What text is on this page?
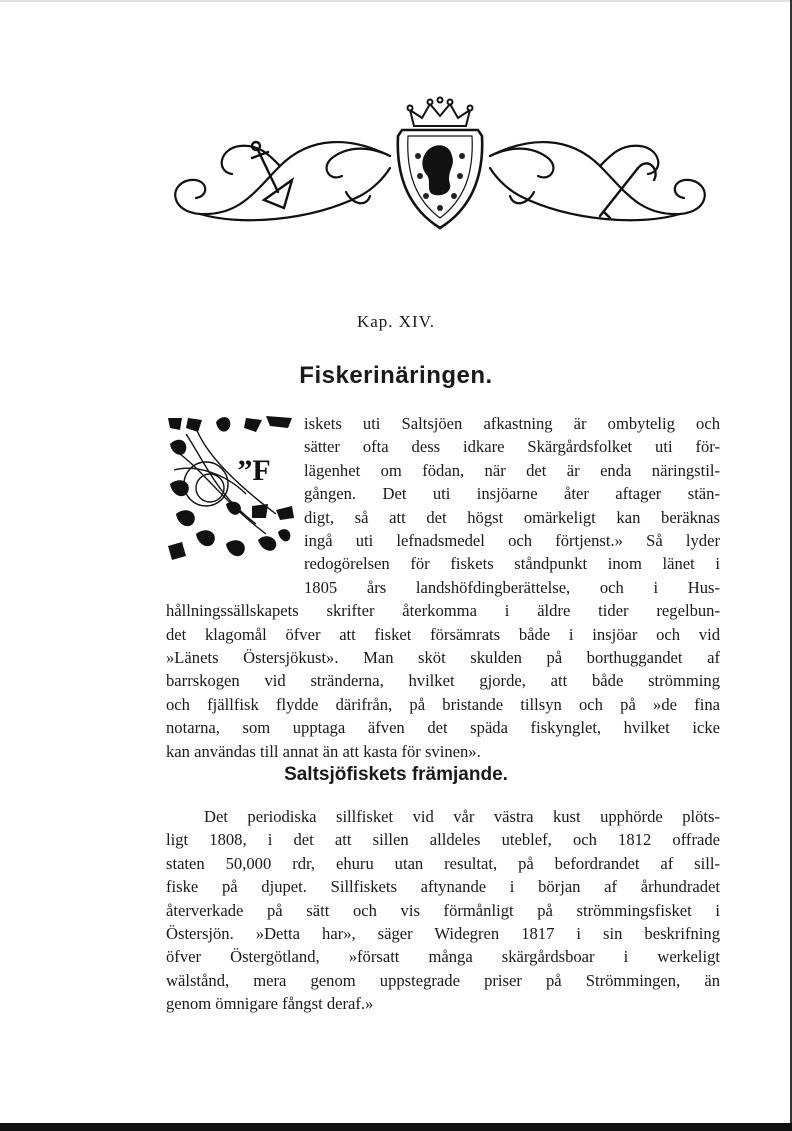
Kap. XIV.
Fiskerinäringen.
”F
iskets uti Saltsjöen afkastning är ombytelig och
sätter ofta dess idkare Skärgårdsfolket uti för-
lägenhet om födan, när det är enda näringstil-
gången. Det uti insjöarne åter aftager stän-
digt, så att det högst omärkeligt kan beräknas
ingå uti lefnadsmedel och förtjenst.» Så lyder
redogörelsen för fiskets ståndpunkt inom länet i
1805 års landshöfdingberättelse, och i Hus-
hållningssällskapets skrifter återkomma i äldre tider regelbun-
det klagomål öfver att fisket försämrats både i insjöar och vid
»Länets Östersjökust». Man sköt skulden på borthuggandet af
barrskogen vid stränderna, hvilket gjorde, att både strömming
och fjällfisk flydde därifrån, på bristande tillsyn och på »de fina
notarna, som upptaga äfven det späda fiskynglet, hvilket icke
kan användas till annat än att kasta för svinen».
Saltsjöfiskets främjande.
Det periodiska sillfisket vid vår västra kust upphörde plöts-
ligt 1808, i det att sillen alldeles uteblef, och 1812 offrade
staten 50,000 rdr, ehuru utan resultat, på befordrandet af sill-
fiske på djupet. Sillfiskets aftynande i början af århundradet
återverkade på sätt och vis förmånligt på strömmingsfisket i
Östersjön. »Detta har», säger Widegren 1817 i sin beskrifning
öfver Östergötland, »försatt många skärgårdsboar i werkeligt
wälstånd, mera genom uppstegrade priser på Strömmingen, än
genom ömnigare fångst deraf.»
